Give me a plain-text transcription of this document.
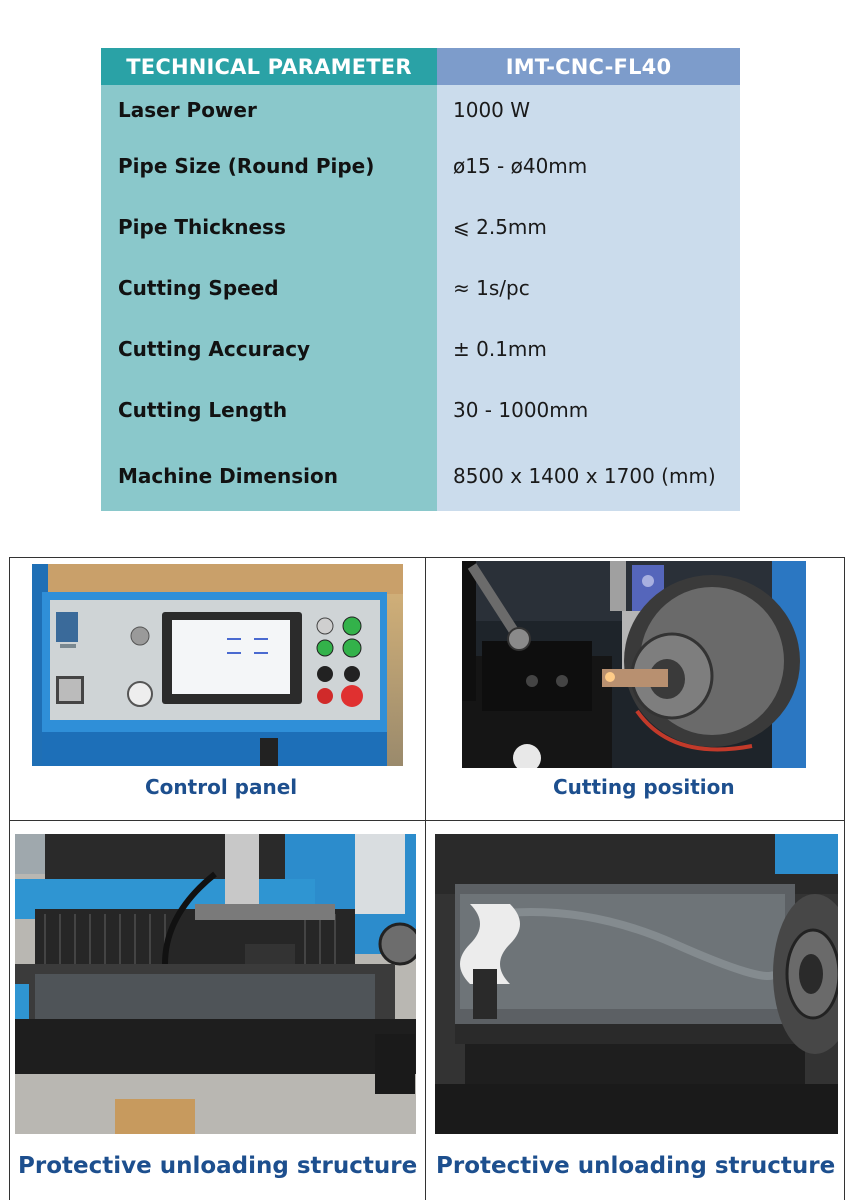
TECHNICAL PARAMETER	IMT-CNC-FL40
Laser Power	1000 W
Pipe Size (Round Pipe)	ø15 - ø40mm
Pipe Thickness	⩽ 2.5mm
Cutting Speed	≈ 1s/pc
Cutting Accuracy	± 0.1mm
Cutting Length	30 - 1000mm
Machine Dimension	8500 x 1400 x 1700 (mm)
Control panel	Cutting position
Protective unloading structure Protective unloading structure
